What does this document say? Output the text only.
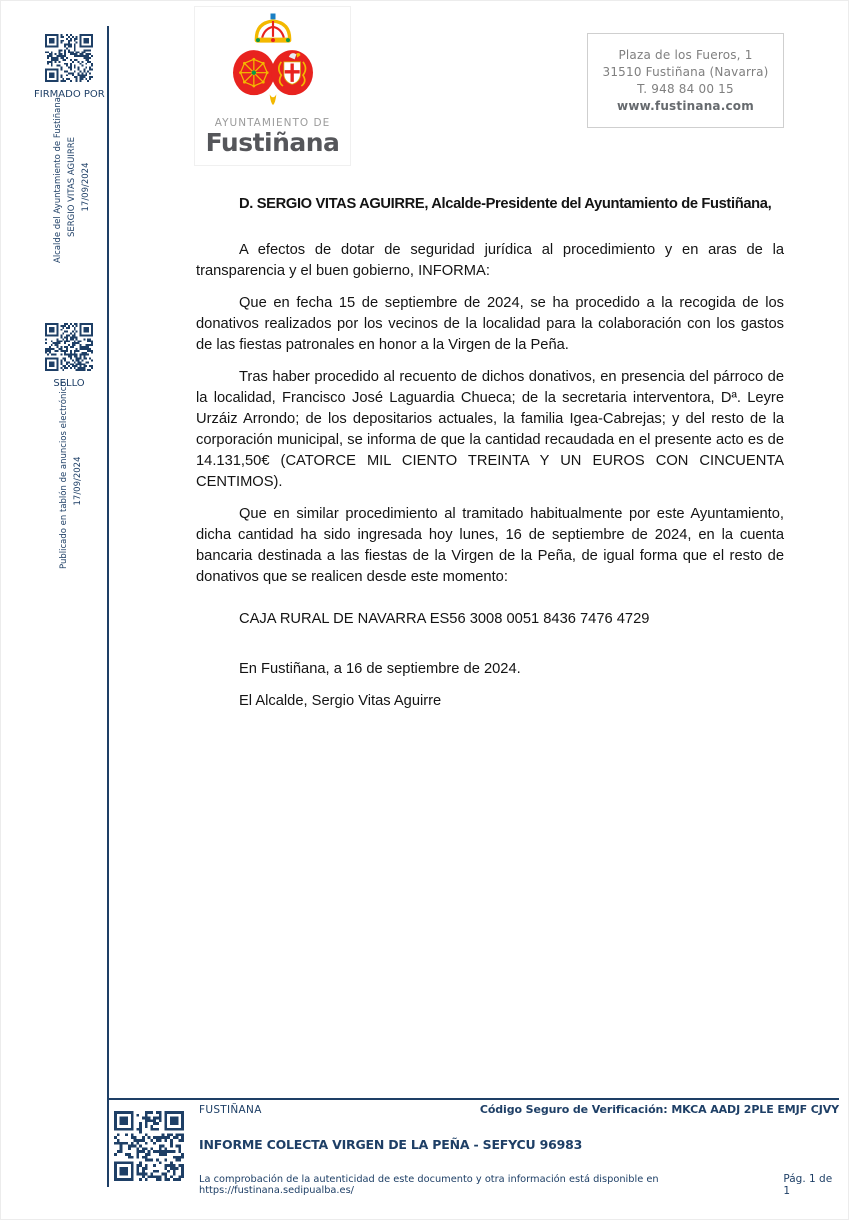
FIRMADO POR
Alcalde del Ayuntamiento de Fustiñana SERGIO VITAS AGUIRRE 17/09/2024
SELLO
Publicado en tablón de anuncios electrónico 17/09/2024
AYUNTAMIENTO DE
Fustiñana
Plaza de los Fueros, 1
31510 Fustiñana (Navarra)
T. 948 84 00 15
www.fustinana.com

D. SERGIO VITAS AGUIRRE, Alcalde-Presidente del Ayuntamiento de Fustiñana,

A efectos de dotar de seguridad jurídica al procedimiento y en aras de la transparencia y el buen gobierno, INFORMA:

Que en fecha 15 de septiembre de 2024, se ha procedido a la recogida de los donativos realizados por los vecinos de la localidad para la colaboración con los gastos de las fiestas patronales en honor a la Virgen de la Peña.

Tras haber procedido al recuento de dichos donativos, en presencia del párroco de la localidad, Francisco José Laguardia Chueca; de la secretaria interventora, Dª. Leyre Urzáiz Arrondo; de los depositarios actuales, la familia Igea-Cabrejas; y del resto de la corporación municipal, se informa de que la cantidad recaudada en el presente acto es de 14.131,50€ (CATORCE MIL CIENTO TREINTA Y UN EUROS CON CINCUENTA CENTIMOS).

Que en similar procedimiento al tramitado habitualmente por este Ayuntamiento, dicha cantidad ha sido ingresada hoy lunes, 16 de septiembre de 2024, en la cuenta bancaria destinada a las fiestas de la Virgen de la Peña, de igual forma que el resto de donativos que se realicen desde este momento:

CAJA RURAL DE NAVARRA ES56 3008 0051 8436 7476 4729

En Fustiñana, a 16 de septiembre de 2024.

El Alcalde, Sergio Vitas Aguirre

FUSTIÑANA	Código Seguro de Verificación: MKCA AADJ 2PLE EMJF CJVY
INFORME COLECTA VIRGEN DE LA PEÑA - SEFYCU 96983
La comprobación de la autenticidad de este documento y otra información está disponible en https://fustinana.sedipualba.es/
Pág. 1 de 1
